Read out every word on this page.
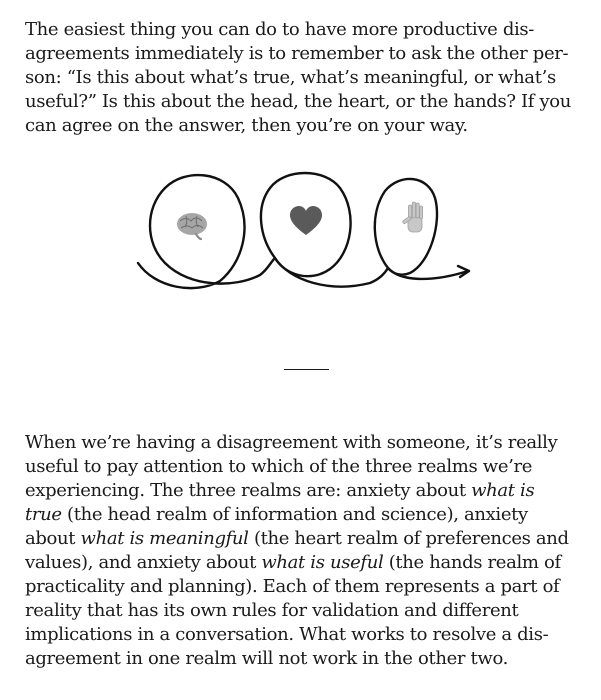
The easiest thing you can do to have more productive dis-
agreements immediately is to remember to ask the other per-
son: “Is this about what’s true, what’s meaningful, or what’s
useful?” Is this about the head, the heart, or the hands? If you
can agree on the answer, then you’re on your way.
When we’re having a disagreement with someone, it’s really
useful to pay attention to which of the three realms we’re
experiencing. The three realms are: anxiety about what is
true (the head realm of information and science), anxiety
about what is meaningful (the heart realm of preferences and
values), and anxiety about what is useful (the hands realm of
practicality and planning). Each of them represents a part of
reality that has its own rules for validation and different
implications in a conversation. What works to resolve a dis-
agreement in one realm will not work in the other two.
